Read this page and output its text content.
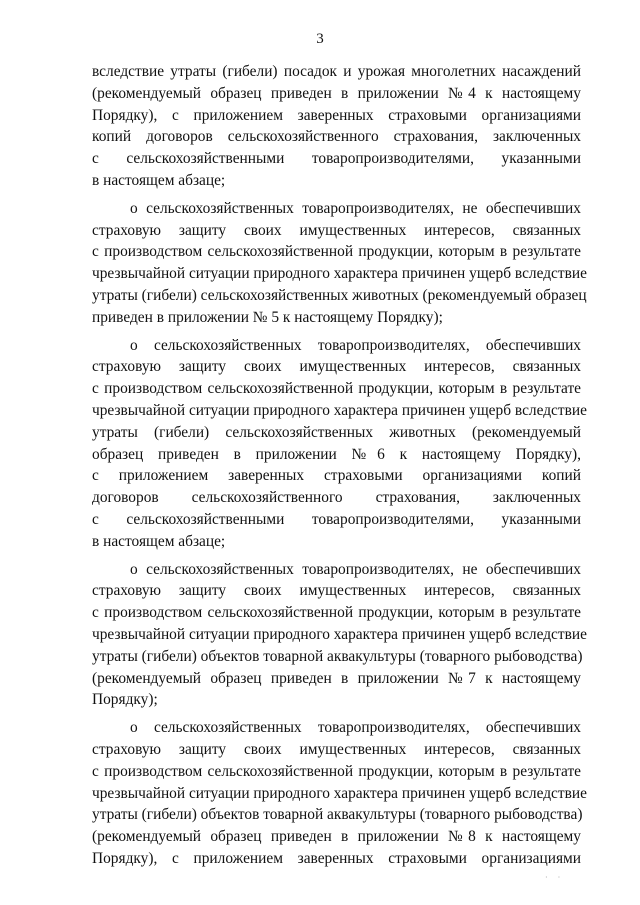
3
вследствие утраты (гибели) посадок и урожая многолетних насаждений
(рекомендуемый образец приведен в приложении №4 к настоящему
Порядку), с приложением заверенных страховыми организациями
копий договоров сельскохозяйственного страхования, заключенных
с сельскохозяйственными товаропроизводителями, указанными
в настоящем абзаце;
о сельскохозяйственных товаропроизводителях, не обеспечивших
страховую защиту своих имущественных интересов, связанных
с производством сельскохозяйственной продукции, которым в результате
чрезвычайной ситуации природного характера причинен ущерб вследствие
утраты (гибели) сельскохозяйственных животных (рекомендуемый образец
приведен в приложении № 5 к настоящему Порядку);
о сельскохозяйственных товаропроизводителях, обеспечивших
страховую защиту своих имущественных интересов, связанных
с производством сельскохозяйственной продукции, которым в результате
чрезвычайной ситуации природного характера причинен ущерб вследствие
утраты (гибели) сельскохозяйственных животных (рекомендуемый
образец приведен в приложении №6 к настоящему Порядку),
с приложением заверенных страховыми организациями копий
договоров сельскохозяйственного страхования, заключенных
с сельскохозяйственными товаропроизводителями, указанными
в настоящем абзаце;
о сельскохозяйственных товаропроизводителях, не обеспечивших
страховую защиту своих имущественных интересов, связанных
с производством сельскохозяйственной продукции, которым в результате
чрезвычайной ситуации природного характера причинен ущерб вследствие
утраты (гибели) объектов товарной аквакультуры (товарного рыбоводства)
(рекомендуемый образец приведен в приложении №7 к настоящему
Порядку);
о сельскохозяйственных товаропроизводителях, обеспечивших
страховую защиту своих имущественных интересов, связанных
с производством сельскохозяйственной продукции, которым в результате
чрезвычайной ситуации природного характера причинен ущерб вследствие
утраты (гибели) объектов товарной аквакультуры (товарного рыбоводства)
(рекомендуемый образец приведен в приложении №8 к настоящему
Порядку), с приложением заверенных страховыми организациями
· ·
